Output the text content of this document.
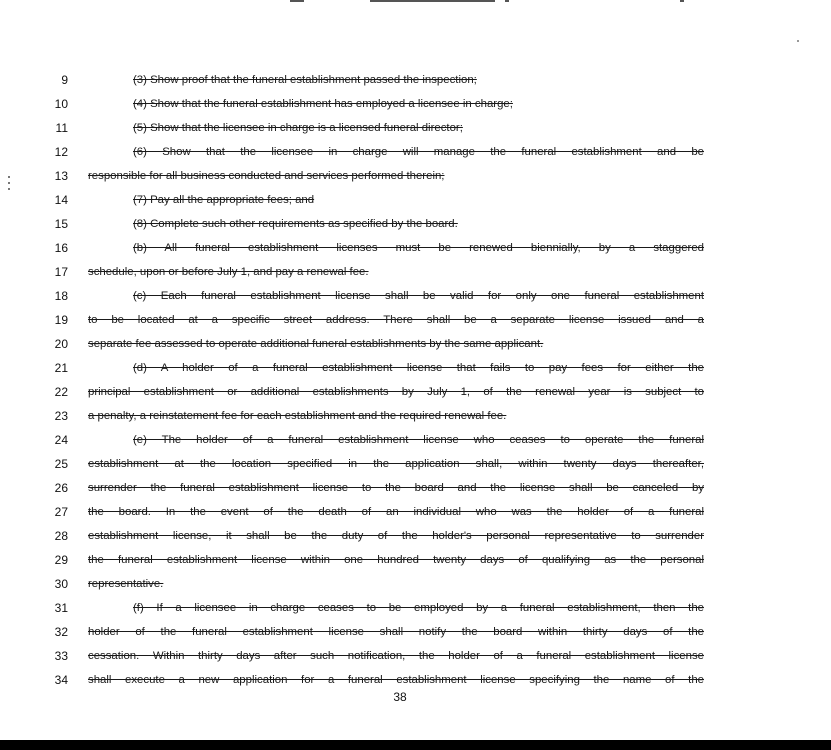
9	(3) Show proof that the funeral establishment passed the inspection;
10	(4) Show that the funeral establishment has employed a licensee in charge;
11	(5) Show that the licensee in charge is a licensed funeral director;
12	(6) Show that the licensee in charge will manage the funeral establishment and be
13 responsible for all business conducted and services performed therein;
14	(7) Pay all the appropriate fees; and
15	(8) Complete such other requirements as specified by the board.
16	(b) All funeral establishment licenses must be renewed biennially, by a staggered
17 schedule, upon or before July 1, and pay a renewal fee.
18	(c) Each funeral establishment license shall be valid for only one funeral establishment
19 to be located at a specific street address. There shall be a separate license issued and a
20 separate fee assessed to operate additional funeral establishments by the same applicant.
21	(d) A holder of a funeral establishment license that fails to pay fees for either the
22 principal establishment or additional establishments by July 1, of the renewal year is subject to
23 a penalty, a reinstatement fee for each establishment and the required renewal fee.
24	(e) The holder of a funeral establishment license who ceases to operate the funeral
25 establishment at the location specified in the application shall, within twenty days thereafter,
26 surrender the funeral establishment license to the board and the license shall be canceled by
27 the board. In the event of the death of an individual who was the holder of a funeral
28 establishment license, it shall be the duty of the holder's personal representative to surrender
29 the funeral establishment license within one hundred twenty days of qualifying as the personal
30 representative.
31	(f) If a licensee in charge ceases to be employed by a funeral establishment, then the
32 holder of the funeral establishment license shall notify the board within thirty days of the
33 cessation. Within thirty days after such notification, the holder of a funeral establishment license
34 shall execute a new application for a funeral establishment license specifying the name of the
38
